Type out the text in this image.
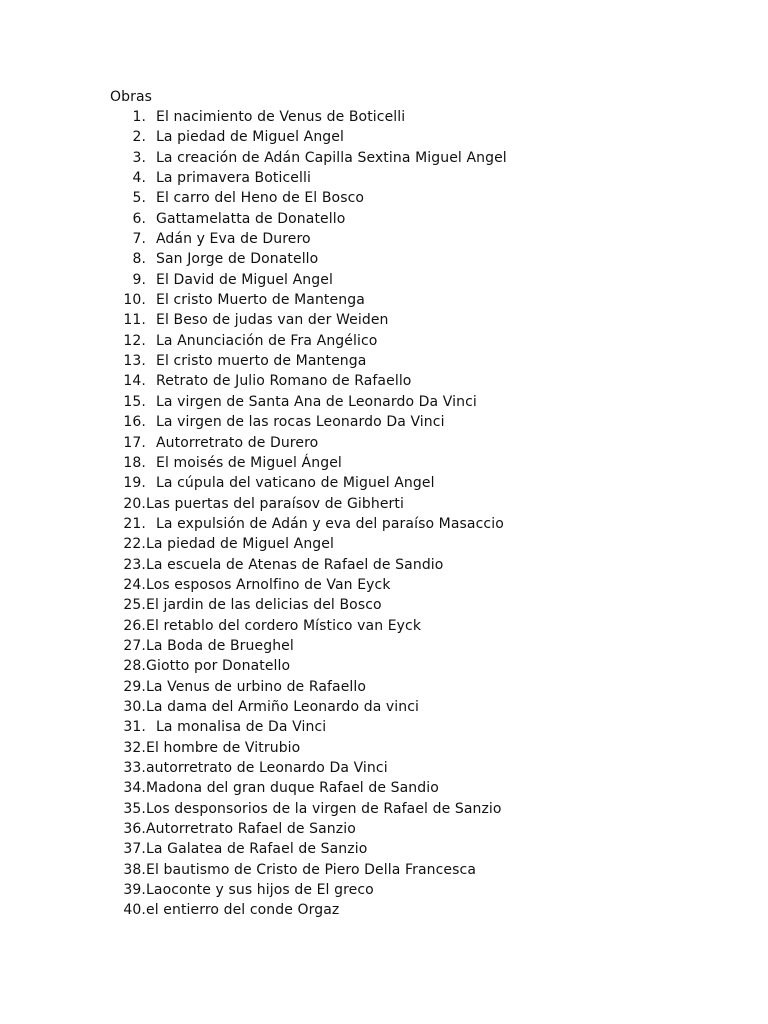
Obras
1. El nacimiento de Venus de Boticelli
2. La piedad de Miguel Angel
3. La creación de Adán Capilla Sextina Miguel Angel
4. La primavera Boticelli
5. El carro del Heno de El Bosco
6. Gattamelatta de Donatello
7. Adán y Eva de Durero
8. San Jorge de Donatello
9. El David de Miguel Angel
10. El cristo Muerto de Mantenga
11. El Beso de judas van der Weiden
12. La Anunciación de Fra Angélico
13. El cristo muerto de Mantenga
14. Retrato de Julio Romano de Rafaello
15. La virgen de Santa Ana de Leonardo Da Vinci
16. La virgen de las rocas Leonardo Da Vinci
17. Autorretrato de Durero
18. El moisés de Miguel Ángel
19. La cúpula del vaticano de Miguel Angel
20. Las puertas del paraísov de Gibherti
21. La expulsión de Adán y eva del paraíso Masaccio
22. La piedad de Miguel Angel
23. La escuela de Atenas de Rafael de Sandio
24. Los esposos Arnolfino de Van Eyck
25. El jardin de las delicias del Bosco
26. El retablo del cordero Místico van Eyck
27. La Boda de Brueghel
28. Giotto por Donatello
29. La Venus de urbino de Rafaello
30. La dama del Armiño Leonardo da vinci
31. La monalisa de Da Vinci
32. El hombre de Vitrubio
33. autorretrato de Leonardo Da Vinci
34. Madona del gran duque Rafael de Sandio
35. Los desponsorios de la virgen de Rafael de Sanzio
36. Autorretrato Rafael de Sanzio
37. La Galatea de Rafael de Sanzio
38. El bautismo de Cristo de Piero Della Francesca
39. Laoconte y sus hijos de El greco
40. el entierro del conde Orgaz
